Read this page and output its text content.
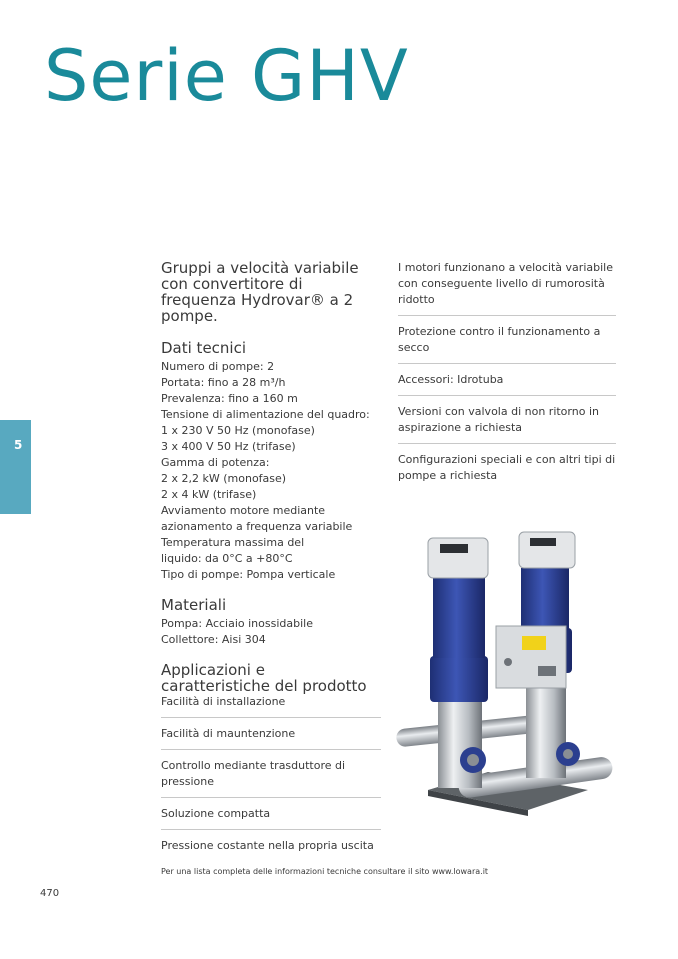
Serie GHV
5

Gruppi a velocità variabile con convertitore di frequenza Hydrovar® a 2 pompe.

Dati tecnici
Numero di pompe: 2
Portata: fino a 28 m³/h
Prevalenza: fino a 160 m
Tensione di alimentazione del quadro:
1 x 230 V 50 Hz (monofase)
3 x 400 V 50 Hz (trifase)
Gamma di potenza:
2 x 2,2 kW (monofase)
2 x 4 kW (trifase)
Avviamento motore mediante
azionamento a frequenza variabile
Temperatura massima del
liquido: da 0°C a +80°C
Tipo di pompe: Pompa verticale
Materiali
Pompa: Acciaio inossidabile
Collettore: Aisi 304
Applicazioni e
caratteristiche del prodotto
Facilità di installazione
Facilità di mauntenzione
Controllo mediante trasduttore di pressione
Soluzione compatta
Pressione costante nella propria uscita
I motori funzionano a velocità variabile con conseguente livello di rumorosità ridotto
Protezione contro il funzionamento a secco
Accessori: Idrotuba
Versioni con valvola di non ritorno in aspirazione a richiesta
Configurazioni speciali e con altri tipi di pompe a richiesta

Per una lista completa delle informazioni tecniche consultare il sito www.lowara.it

470
